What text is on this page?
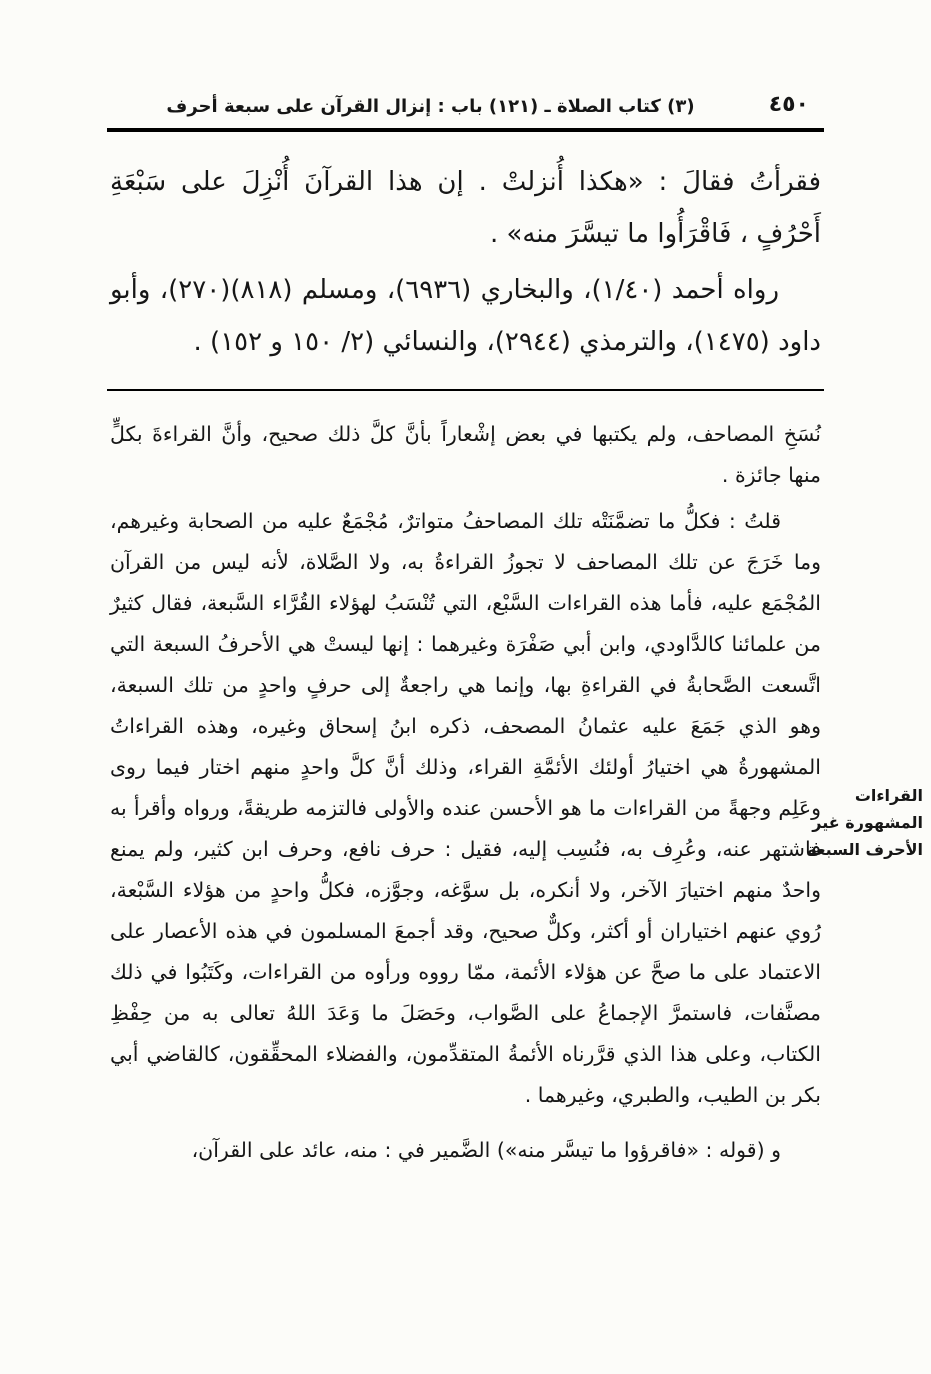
(٣) كتاب الصلاة ـ (١٢١) باب : إنزال القرآن على سبعة أحرف	٤٥٠

فقرأتُ فقالَ : «هكذا أُنزلتْ . إن هذا القرآنَ أُنْزِلَ على سَبْعَةِ أَحْرُفٍ ، فَاقْرَأُوا ما تيسَّرَ منه» .

رواه أحمد (١/٤٠)، والبخاري (٦٩٣٦)، ومسلم (٨١٨)(٢٧٠)، وأبو داود (١٤٧٥)، والترمذي (٢٩٤٤)، والنسائي (٢/ ١٥٠ و ١٥٢) .

نُسَخِ المصاحف، ولم يكتبها في بعض إشْعاراً بأنَّ كلَّ ذلك صحيح، وأنَّ القراءةَ بكلٍّ منها جائزة .

قلتُ : فكلُّ ما تضمَّنَتْه تلك المصاحفُ متواترٌ، مُجْمَعٌ عليه من الصحابة وغيرهم، وما خَرَجَ عن تلك المصاحف لا تجوزُ القراءةُ به، ولا الصَّلاة، لأنه ليس من القرآن المُجْمَع عليه، فأما هذه القراءات السَّبْع، التي تُنْسَبُ لهؤلاء القُرَّاء السَّبعة، فقال كثيرٌ من علمائنا كالدَّاودي، وابن أبي صَفْرَة وغيرهما : إنها ليستْ هي الأحرفُ السبعة التي اتَّسعت الصَّحابةُ في القراءةِ بها، وإنما هي راجعةٌ إلى حرفٍ واحدٍ من تلك السبعة، وهو الذي جَمَعَ عليه عثمانُ المصحف، ذكره ابنُ إسحاق وغيره، وهذه القراءاتُ المشهورةُ هي اختيارُ أولئك الأئمَّةِ القراء، وذلك أنَّ كلَّ واحدٍ منهم اختار فيما روى وعَلِم وجهةً من القراءات ما هو الأحسن عنده والأولى فالتزمه طريقةً، ورواه وأقرأ به فاشتهر عنه، وعُرِف به، فنُسِب إليه، فقيل : حرف نافع، وحرف ابن كثير، ولم يمنع واحدٌ منهم اختيارَ الآخر، ولا أنكره، بل سوَّغه، وجوَّزه، فكلُّ واحدٍ من هؤلاء السَّبْعة، رُوي عنهم اختياران أو أكثر، وكلٌّ صحيح، وقد أجمعَ المسلمون في هذه الأعصار على الاعتماد على ما صحَّ عن هؤلاء الأئمة، ممّا رووه ورأوه من القراءات، وكَتَبُوا في ذلك مصنَّفات، فاستمرَّ الإجماعُ على الصَّواب، وحَصَلَ ما وَعَدَ اللهُ تعالى به من حِفْظِ الكتاب، وعلى هذا الذي قرَّرناه الأئمةُ المتقدِّمون، والفضلاء المحقِّقون، كالقاضي أبي بكر بن الطيب، والطبري، وغيرهما .

و (قوله : «فاقرؤوا ما تيسَّر منه») الضَّمير في : منه، عائد على القرآن،

القراءات
المشهورة غير
الأحرف السبعة
